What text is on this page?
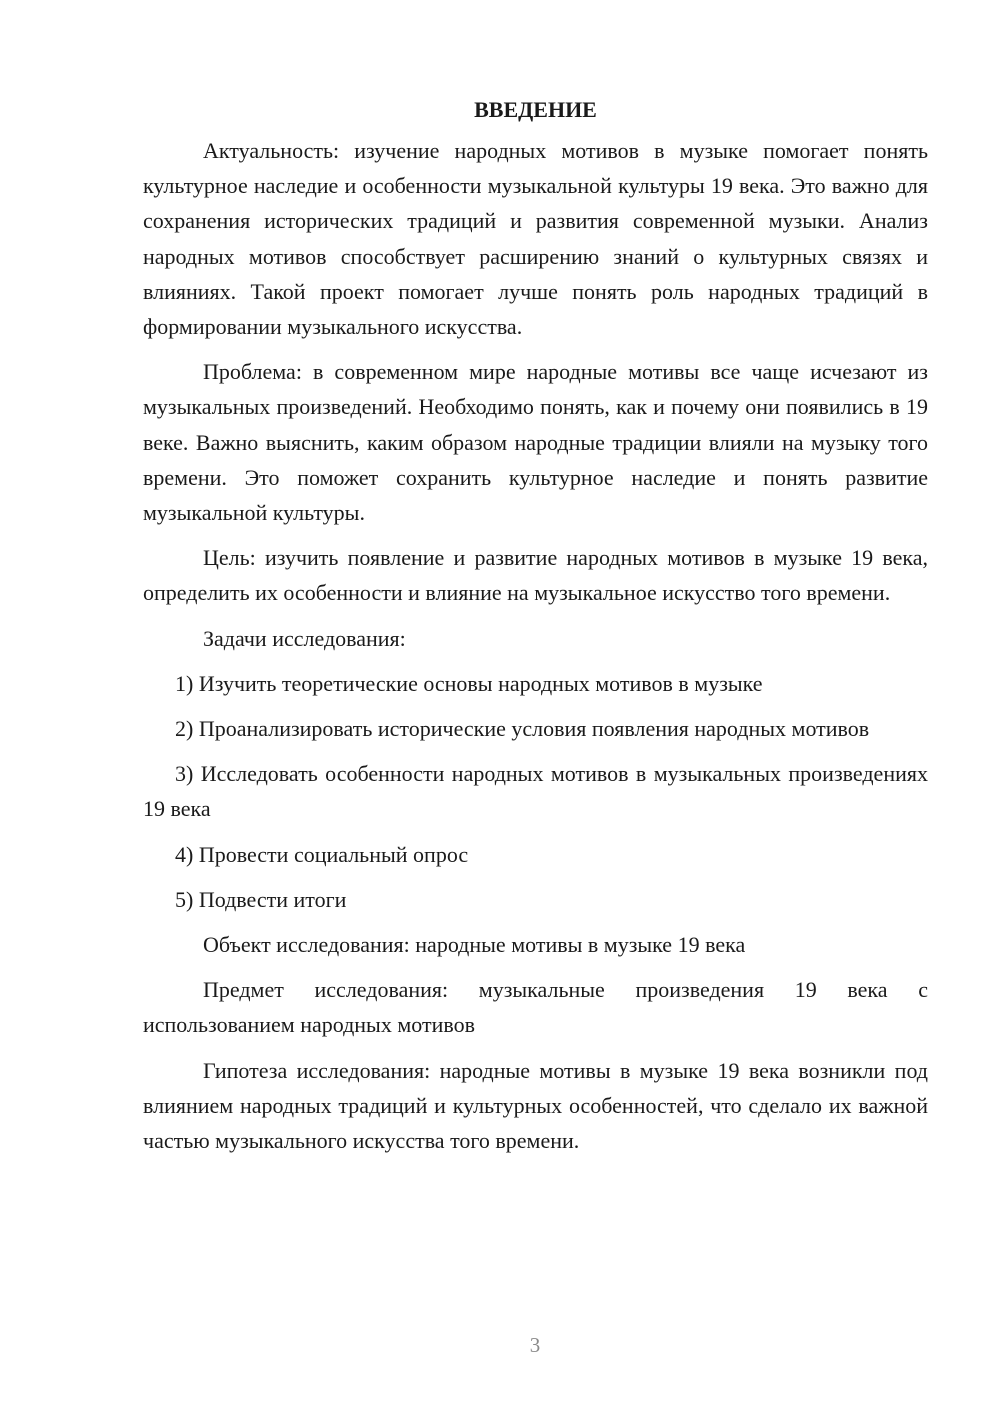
ВВЕДЕНИЕ

Актуальность: изучение народных мотивов в музыке помогает понять культурное наследие и особенности музыкальной культуры 19 века. Это важно для сохранения исторических традиций и развития современной музыки. Анализ народных мотивов способствует расширению знаний о культурных связях и влияниях. Такой проект помогает лучше понять роль народных традиций в формировании музыкального искусства.

Проблема: в современном мире народные мотивы все чаще исчезают из музыкальных произведений. Необходимо понять, как и почему они появились в 19 веке. Важно выяснить, каким образом народные традиции влияли на музыку того времени. Это поможет сохранить культурное наследие и понять развитие музыкальной культуры.

Цель: изучить появление и развитие народных мотивов в музыке 19 века, определить их особенности и влияние на музыкальное искусство того времени.

Задачи исследования:

1) Изучить теоретические основы народных мотивов в музыке

2) Проанализировать исторические условия появления народных мотивов

3) Исследовать особенности народных мотивов в музыкальных произведениях 19 века

4) Провести социальный опрос

5) Подвести итоги

Объект исследования: народные мотивы в музыке 19 века

Предмет исследования: музыкальные произведения 19 века с использованием народных мотивов

Гипотеза исследования: народные мотивы в музыке 19 века возникли под влиянием народных традиций и культурных особенностей, что сделало их важной частью музыкального искусства того времени.

3
